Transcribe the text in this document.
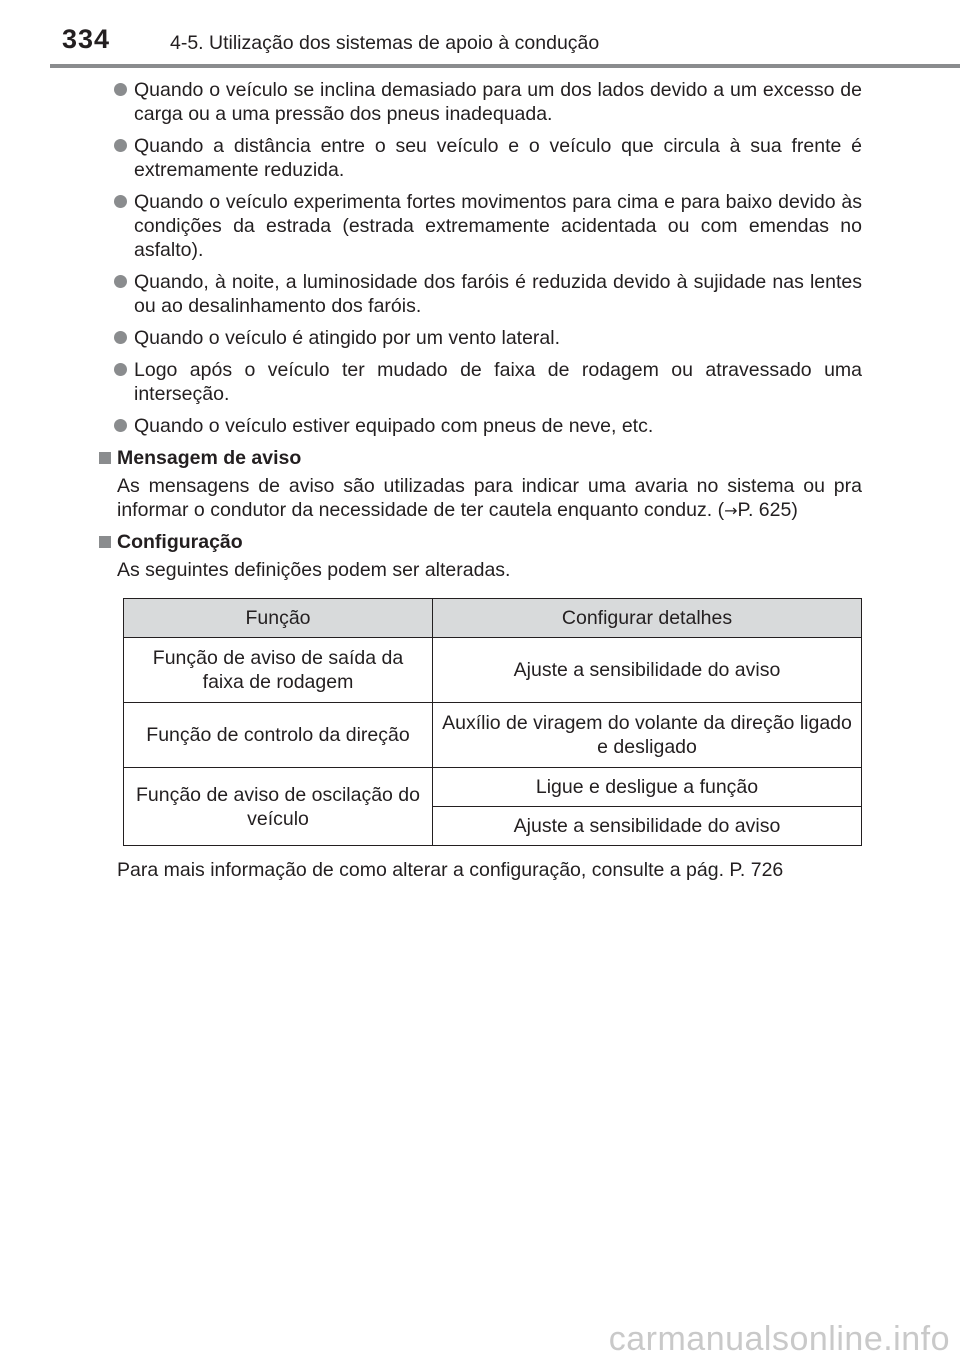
334	4-5. Utilização dos sistemas de apoio à condução
Quando o veículo se inclina demasiado para um dos lados devido a um excesso de carga ou a uma pressão dos pneus inadequada.
Quando a distância entre o seu veículo e o veículo que circula à sua frente é extremamente reduzida.
Quando o veículo experimenta fortes movimentos para cima e para baixo devido às condições da estrada (estrada extremamente acidentada ou com emendas no asfalto).
Quando, à noite, a luminosidade dos faróis é reduzida devido à sujidade nas lentes ou ao desalinhamento dos faróis.
Quando o veículo é atingido por um vento lateral.
Logo após o veículo ter mudado de faixa de rodagem ou atravessado uma interseção.
Quando o veículo estiver equipado com pneus de neve, etc.
Mensagem de aviso
As mensagens de aviso são utilizadas para indicar uma avaria no sistema ou pra informar o condutor da necessidade de ter cautela enquanto conduz. (→P. 625)
Configuração
As seguintes definições podem ser alteradas.
Função	Configurar detalhes
Função de aviso de saída da faixa de rodagem	Ajuste a sensibilidade do aviso
Função de controlo da direção	Auxílio de viragem do volante da direção ligado e desligado
Função de aviso de oscilação do veículo	Ligue e desligue a função
	Ajuste a sensibilidade do aviso
Para mais informação de como alterar a configuração, consulte a pág. P. 726
carmanualsonline.info
